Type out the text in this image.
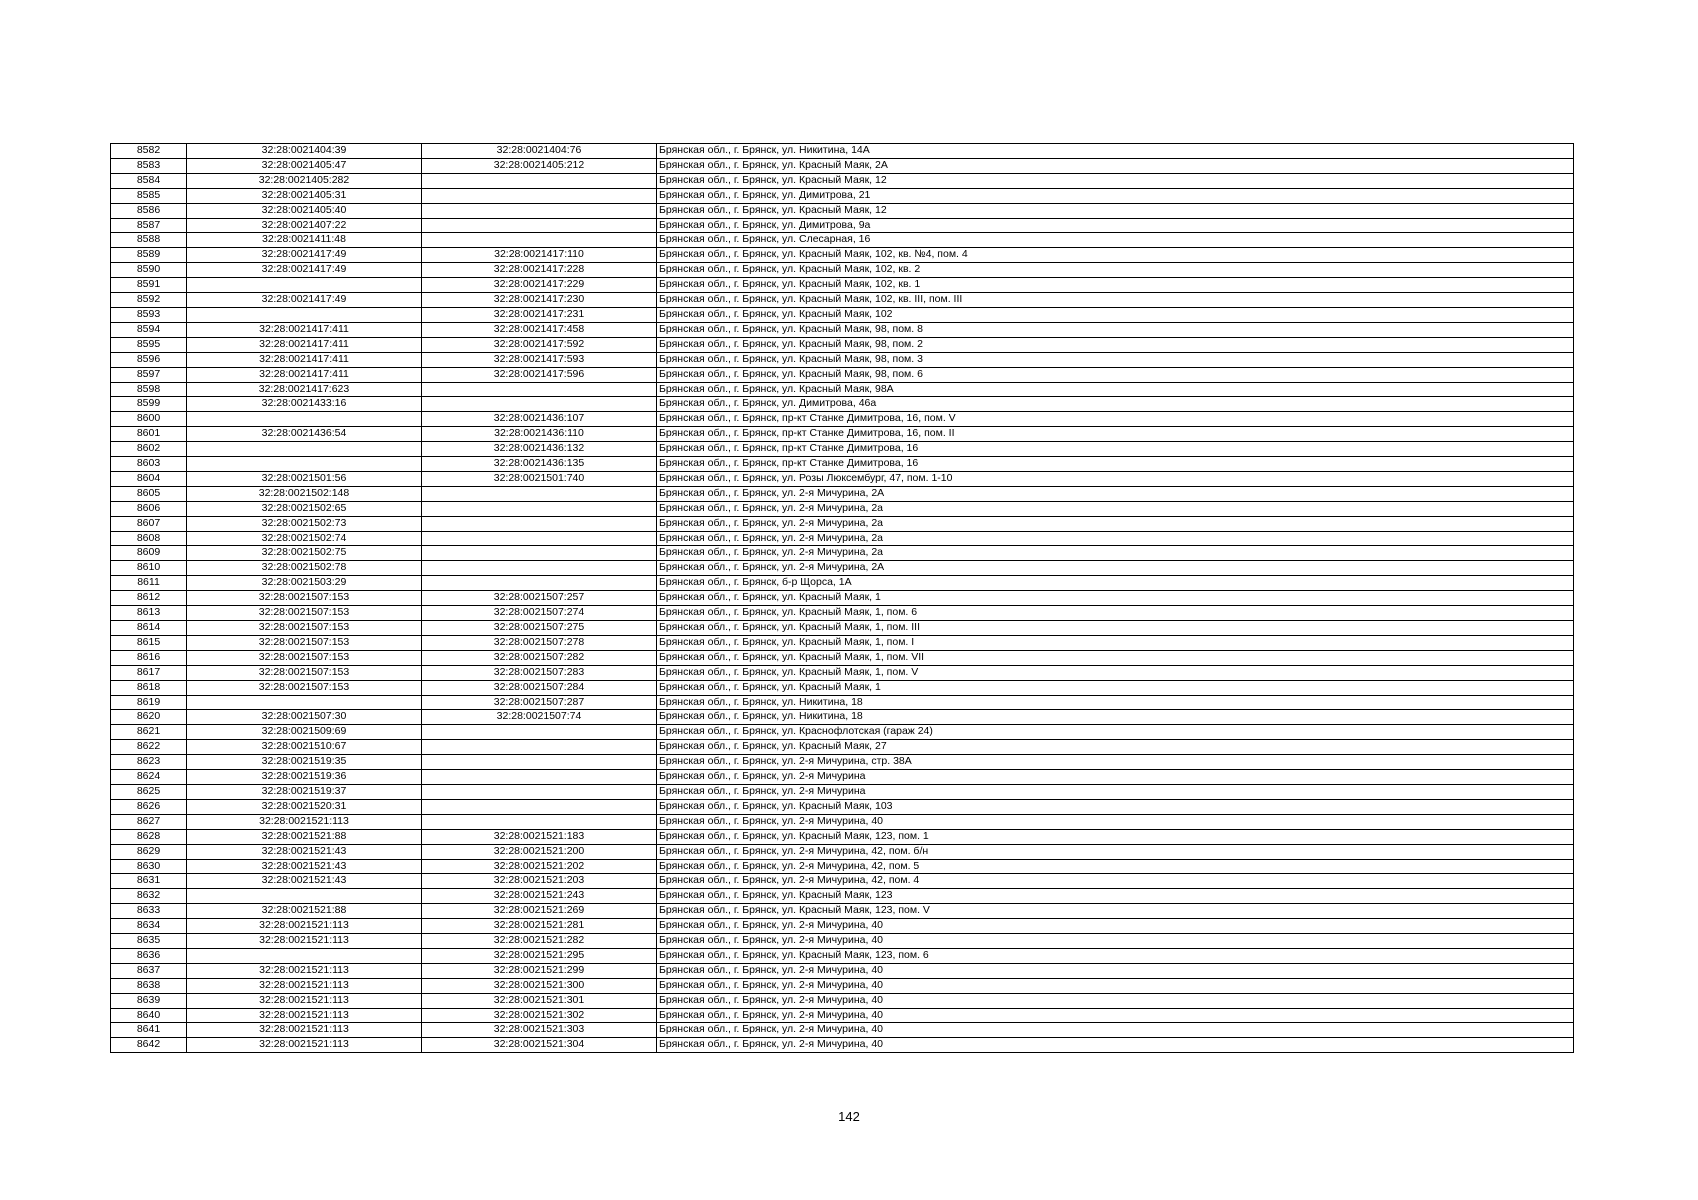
8582	32:28:0021404:39	32:28:0021404:76	Брянская обл., г. Брянск, ул. Никитина, 14А
8583	32:28:0021405:47	32:28:0021405:212	Брянская обл., г. Брянск, ул. Красный Маяк, 2А
8584	32:28:0021405:282		Брянская обл., г. Брянск, ул. Красный Маяк, 12
8585	32:28:0021405:31		Брянская обл., г. Брянск, ул. Димитрова, 21
8586	32:28:0021405:40		Брянская обл., г. Брянск, ул. Красный Маяк, 12
8587	32:28:0021407:22		Брянская обл., г. Брянск, ул. Димитрова, 9а
8588	32:28:0021411:48		Брянская обл., г. Брянск, ул. Слесарная, 16
8589	32:28:0021417:49	32:28:0021417:110	Брянская обл., г. Брянск, ул. Красный Маяк, 102, кв. №4, пом. 4
8590	32:28:0021417:49	32:28:0021417:228	Брянская обл., г. Брянск, ул. Красный Маяк, 102, кв. 2
8591		32:28:0021417:229	Брянская обл., г. Брянск, ул. Красный Маяк, 102, кв. 1
8592	32:28:0021417:49	32:28:0021417:230	Брянская обл., г. Брянск, ул. Красный Маяк, 102, кв. III, пом. III
8593		32:28:0021417:231	Брянская обл., г. Брянск, ул. Красный Маяк, 102
8594	32:28:0021417:411	32:28:0021417:458	Брянская обл., г. Брянск, ул. Красный Маяк, 98, пом. 8
8595	32:28:0021417:411	32:28:0021417:592	Брянская обл., г. Брянск, ул. Красный Маяк, 98, пом. 2
8596	32:28:0021417:411	32:28:0021417:593	Брянская обл., г. Брянск, ул. Красный Маяк, 98, пом. 3
8597	32:28:0021417:411	32:28:0021417:596	Брянская обл., г. Брянск, ул. Красный Маяк, 98, пом. 6
8598	32:28:0021417:623		Брянская обл., г. Брянск, ул. Красный Маяк, 98А
8599	32:28:0021433:16		Брянская обл., г. Брянск, ул. Димитрова, 46а
8600		32:28:0021436:107	Брянская обл., г. Брянск, пр-кт Станке Димитрова, 16, пом. V
8601	32:28:0021436:54	32:28:0021436:110	Брянская обл., г. Брянск, пр-кт Станке Димитрова, 16, пом. II
8602		32:28:0021436:132	Брянская обл., г. Брянск, пр-кт Станке Димитрова, 16
8603		32:28:0021436:135	Брянская обл., г. Брянск, пр-кт Станке Димитрова, 16
8604	32:28:0021501:56	32:28:0021501:740	Брянская обл., г. Брянск, ул. Розы Люксембург, 47, пом. 1-10
8605	32:28:0021502:148		Брянская обл., г. Брянск, ул. 2-я Мичурина, 2А
8606	32:28:0021502:65		Брянская обл., г. Брянск, ул. 2-я Мичурина, 2а
8607	32:28:0021502:73		Брянская обл., г. Брянск, ул. 2-я Мичурина, 2а
8608	32:28:0021502:74		Брянская обл., г. Брянск, ул. 2-я Мичурина, 2а
8609	32:28:0021502:75		Брянская обл., г. Брянск, ул. 2-я Мичурина, 2а
8610	32:28:0021502:78		Брянская обл., г. Брянск, ул. 2-я Мичурина, 2А
8611	32:28:0021503:29		Брянская обл., г. Брянск, б-р Щорса, 1А
8612	32:28:0021507:153	32:28:0021507:257	Брянская обл., г. Брянск, ул. Красный Маяк, 1
8613	32:28:0021507:153	32:28:0021507:274	Брянская обл., г. Брянск, ул. Красный Маяк, 1, пом. 6
8614	32:28:0021507:153	32:28:0021507:275	Брянская обл., г. Брянск, ул. Красный Маяк, 1, пом. III
8615	32:28:0021507:153	32:28:0021507:278	Брянская обл., г. Брянск, ул. Красный Маяк, 1, пом. I
8616	32:28:0021507:153	32:28:0021507:282	Брянская обл., г. Брянск, ул. Красный Маяк, 1, пом. VII
8617	32:28:0021507:153	32:28:0021507:283	Брянская обл., г. Брянск, ул. Красный Маяк, 1, пом. V
8618	32:28:0021507:153	32:28:0021507:284	Брянская обл., г. Брянск, ул. Красный Маяк, 1
8619		32:28:0021507:287	Брянская обл., г. Брянск, ул. Никитина, 18
8620	32:28:0021507:30	32:28:0021507:74	Брянская обл., г. Брянск, ул. Никитина, 18
8621	32:28:0021509:69		Брянская обл., г. Брянск, ул. Краснофлотская (гараж 24)
8622	32:28:0021510:67		Брянская обл., г. Брянск, ул. Красный Маяк, 27
8623	32:28:0021519:35		Брянская обл., г. Брянск, ул. 2-я Мичурина, стр. 38А
8624	32:28:0021519:36		Брянская обл., г. Брянск, ул. 2-я Мичурина
8625	32:28:0021519:37		Брянская обл., г. Брянск, ул. 2-я Мичурина
8626	32:28:0021520:31		Брянская обл., г. Брянск, ул. Красный Маяк, 103
8627	32:28:0021521:113		Брянская обл., г. Брянск, ул. 2-я Мичурина, 40
8628	32:28:0021521:88	32:28:0021521:183	Брянская обл., г. Брянск, ул. Красный Маяк, 123, пом. 1
8629	32:28:0021521:43	32:28:0021521:200	Брянская обл., г. Брянск, ул. 2-я Мичурина, 42, пом. б/н
8630	32:28:0021521:43	32:28:0021521:202	Брянская обл., г. Брянск, ул. 2-я Мичурина, 42, пом. 5
8631	32:28:0021521:43	32:28:0021521:203	Брянская обл., г. Брянск, ул. 2-я Мичурина, 42, пом. 4
8632		32:28:0021521:243	Брянская обл., г. Брянск, ул. Красный Маяк, 123
8633	32:28:0021521:88	32:28:0021521:269	Брянская обл., г. Брянск, ул. Красный Маяк, 123, пом. V
8634	32:28:0021521:113	32:28:0021521:281	Брянская обл., г. Брянск, ул. 2-я Мичурина, 40
8635	32:28:0021521:113	32:28:0021521:282	Брянская обл., г. Брянск, ул. 2-я Мичурина, 40
8636		32:28:0021521:295	Брянская обл., г. Брянск, ул. Красный Маяк, 123, пом. 6
8637	32:28:0021521:113	32:28:0021521:299	Брянская обл., г. Брянск, ул. 2-я Мичурина, 40
8638	32:28:0021521:113	32:28:0021521:300	Брянская обл., г. Брянск, ул. 2-я Мичурина, 40
8639	32:28:0021521:113	32:28:0021521:301	Брянская обл., г. Брянск, ул. 2-я Мичурина, 40
8640	32:28:0021521:113	32:28:0021521:302	Брянская обл., г. Брянск, ул. 2-я Мичурина, 40
8641	32:28:0021521:113	32:28:0021521:303	Брянская обл., г. Брянск, ул. 2-я Мичурина, 40
8642	32:28:0021521:113	32:28:0021521:304	Брянская обл., г. Брянск, ул. 2-я Мичурина, 40
142
